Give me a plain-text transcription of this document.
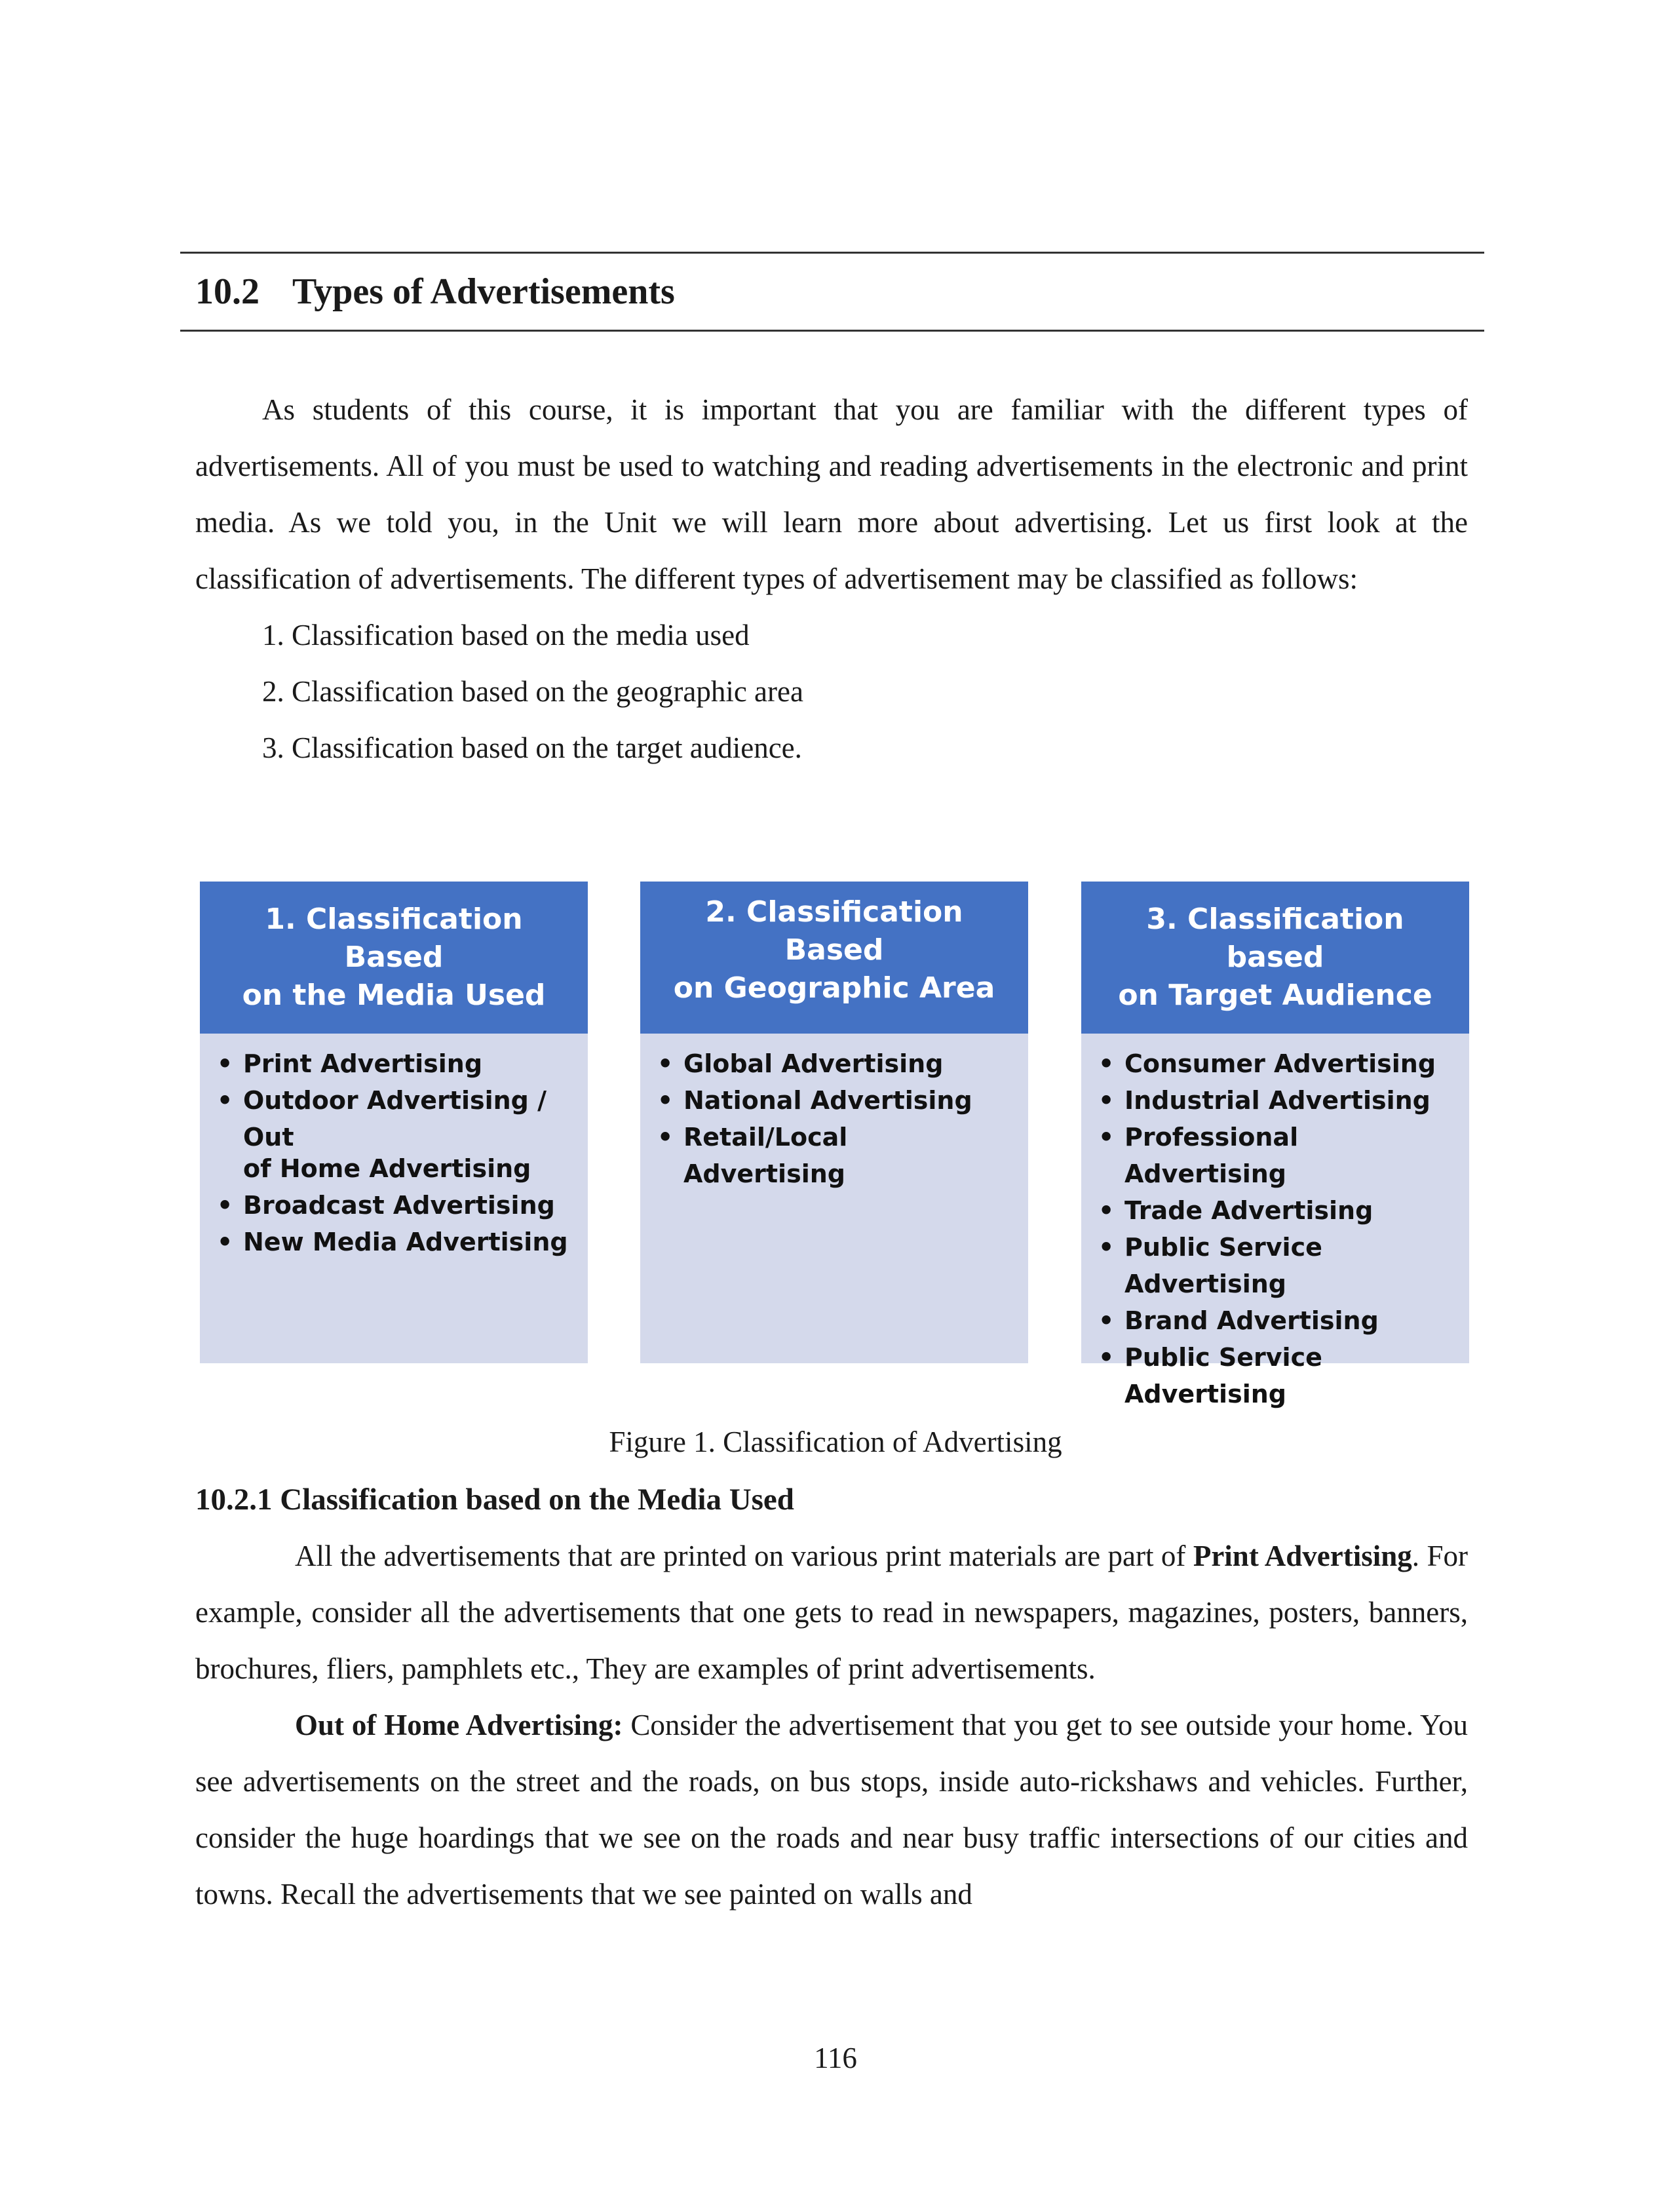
10.2 Types of Advertisements

As students of this course, it is important that you are familiar with the different types of advertisements. All of you must be used to watching and reading advertisements in the electronic and print media. As we told you, in the Unit we will learn more about advertising. Let us first look at the classification of advertisements. The different types of advertisement may be classified as follows:

1. Classification based on the media used
2. Classification based on the geographic area
3. Classification based on the target audience.
1. Classification Based
on the Media Used
• Print Advertising
• Outdoor Advertising / Out
of Home Advertising
• Broadcast Advertising
• New Media Advertising
2. Classification Based
on Geographic Area
• Global Advertising
• National Advertising
• Retail/Local Advertising
3. Classification based
on Target Audience
• Consumer Advertising
• Industrial Advertising
• Professional Advertising
• Trade Advertising
• Public Service Advertising
• Brand Advertising
• Public Service Advertising

Figure 1. Classification of Advertising

10.2.1 Classification based on the Media Used

All the advertisements that are printed on various print materials are part of Print Advertising. For example, consider all the advertisements that one gets to read in newspapers, magazines, posters, banners, brochures, fliers, pamphlets etc., They are examples of print advertisements.

Out of Home Advertising: Consider the advertisement that you get to see outside your home. You see advertisements on the street and the roads, on bus stops, inside auto-rickshaws and vehicles. Further, consider the huge hoardings that we see on the roads and near busy traffic intersections of our cities and towns. Recall the advertisements that we see painted on walls and

116
